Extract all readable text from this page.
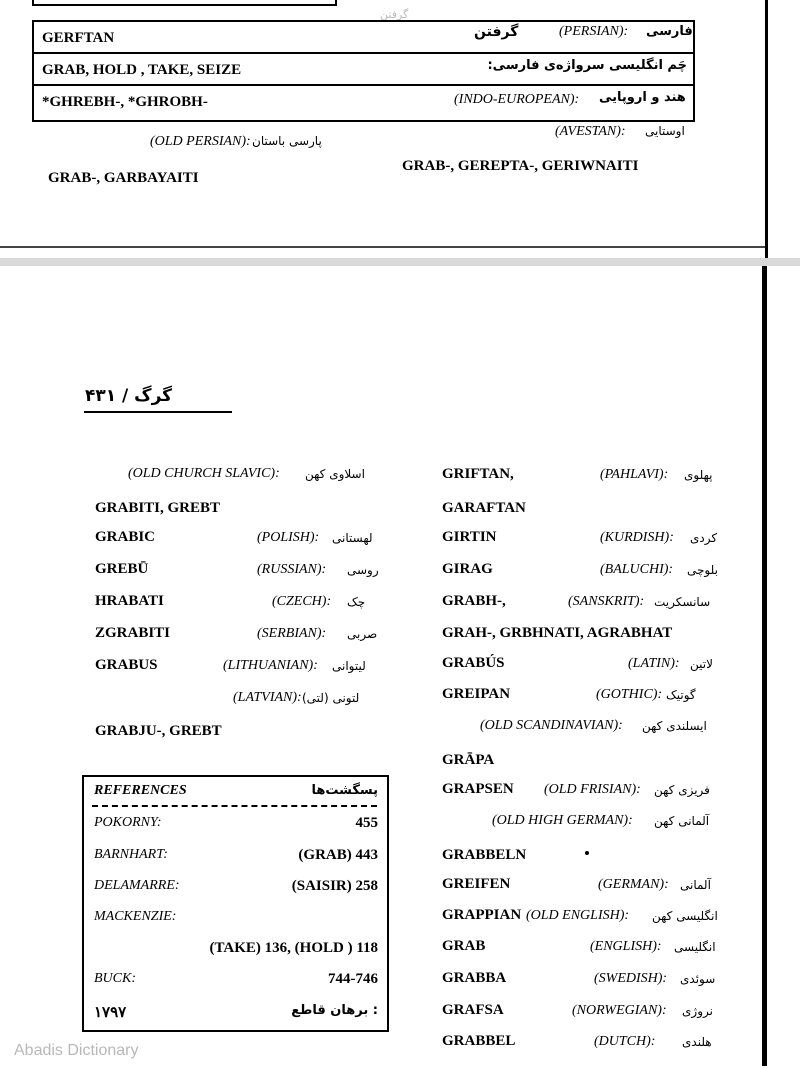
گرفتن
GERFTAN	گرفتن	(PERSIAN): فارسی
GRAB, HOLD , TAKE, SEIZE	چَم انگلیسی سرواژه‌ی فارسی:
*GHREBH-, *GHROBH-	(INDO-EUROPEAN): هند و اروپایی
(OLD PERSIAN): پارسی باستان
GRAB-, GARBAYAITI
(AVESTAN): اوستایی
GRAB-, GEREPTA-, GERIWNAITI
گرگ / ۴۳۱
(OLD CHURCH SLAVIC): اسلاوی کهن
GRABITI, GREBT
GRABIC	(POLISH): لهستانی
GREBŪ	(RUSSIAN): روسی
HRABATI	(CZECH): چک
ZGRABITI	(SERBIAN): صربی
GRABUS	(LITHUANIAN): لیتوانی
(LATVIAN): لتونی (لتی)
GRABJU-, GREBT
GRIFTAN,	(PAHLAVI): پهلوی
GARAFTAN
GIRTIN	(KURDISH): کردی
GIRAG	(BALUCHI): بلوچی
GRABH-,	(SANSKRIT): سانسکریت
GRAH-, GRBHNATI, AGRABHAT
GRABÚS	(LATIN): لاتین
GREIPAN	(GOTHIC): گوتیک
(OLD SCANDINAVIAN): ایسلندی کهن
GRĀPA
GRAPSEN (OLD FRISIAN): فریزی کهن
(OLD HIGH GERMAN): آلمانی کهن
GRABBELN
GREIFEN	(GERMAN): آلمانی
GRAPPIAN (OLD ENGLISH): انگلیسی کهن
GRAB	(ENGLISH): انگلیسی
GRABBA	(SWEDISH): سوئدی
GRAFSA	(NORWEGIAN): نروژی
GRABBEL	(DUTCH): هلندی
REFERENCES	پسگشت‌ها
POKORNY:	455
BARNHART:	(GRAB) 443
DELAMARRE:	(SAISIR) 258
MACKENZIE:
(TAKE) 136, (HOLD ) 118
BUCK:	744-746
۱۷۹۷	برهان قاطع :
Abadis Dictionary
